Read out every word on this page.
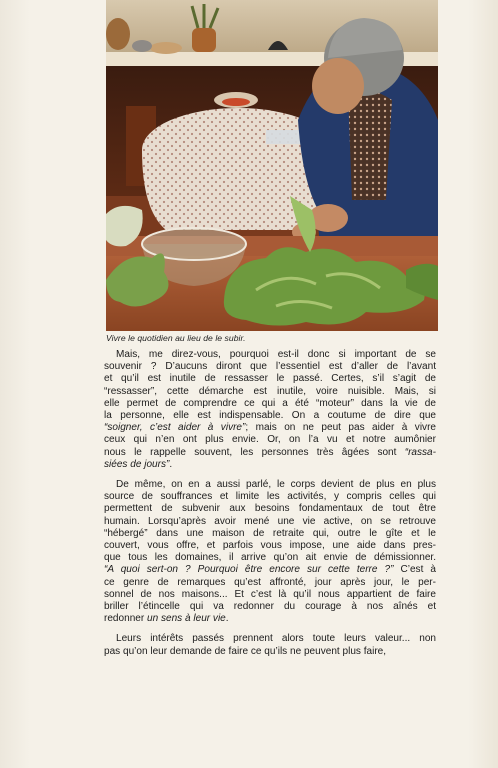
Vivre le quotidien au lieu de le subir.
Mais, me direz-vous, pourquoi est-il donc si important de se
souvenir ? D’aucuns diront que l’essentiel est d’aller de l’avant
et qu’il est inutile de ressasser le passé. Certes, s’il s’agit de
“ressasser”, cette démarche est inutile, voire nuisible. Mais, si
elle permet de comprendre ce qui a été “moteur” dans la vie de
la personne, elle est indispensable. On a coutume de dire que
“soigner, c’est aider à vivre”; mais on ne peut pas aider à vivre
ceux qui n’en ont plus envie. Or, on l’a vu et notre aumônier
nous le rappelle souvent, les personnes très âgées sont “rassa-
siées de jours”.
De même, on en a aussi parlé, le corps devient de plus en plus
source de souffrances et limite les activités, y compris celles qui
permettent de subvenir aux besoins fondamentaux de tout être
humain. Lorsqu’après avoir mené une vie active, on se retrouve
“hébergé” dans une maison de retraite qui, outre le gîte et le
couvert, vous offre, et parfois vous impose, une aide dans pres-
que tous les domaines, il arrive qu’on ait envie de démissionner.
“A quoi sert-on ? Pourquoi être encore sur cette terre ?” C’est à
ce genre de remarques qu’est affronté, jour après jour, le per-
sonnel de nos maisons... Et c’est là qu’il nous appartient de faire
briller l’étincelle qui va redonner du courage à nos aînés et
redonner un sens à leur vie.
Leurs intérêts passés prennent alors toute leurs valeur... non
pas qu’on leur demande de faire ce qu’ils ne peuvent plus faire,
